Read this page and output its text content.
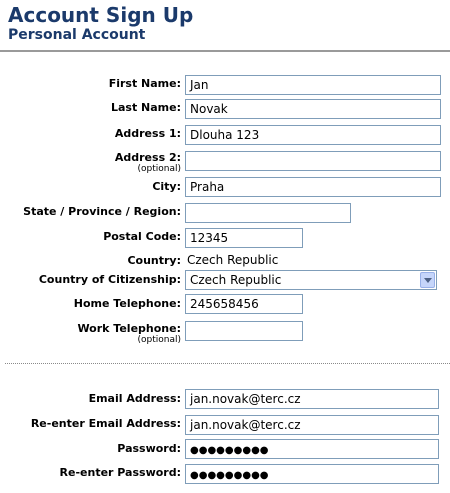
Account Sign Up
Personal Account
First Name: Jan
Last Name: Novak
Address 1: Dlouha 123
Address 2:
(optional)
City: Praha
State / Province / Region:
Postal Code: 12345
Country: Czech Republic
Country of Citizenship: Czech Republic
Home Telephone: 245658456
Work Telephone:
(optional)
Email Address: jan.novak@terc.cz
Re-enter Email Address: jan.novak@terc.cz
Password: ●●●●●●●●●
Re-enter Password: ●●●●●●●●●
